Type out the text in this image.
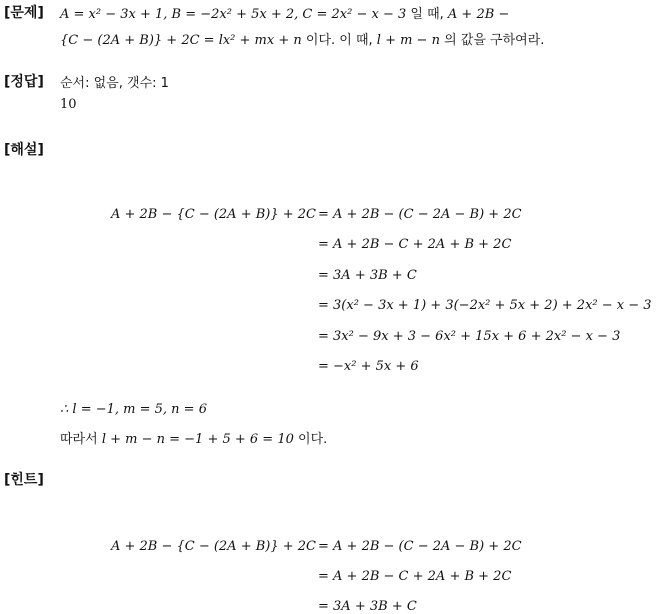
[문제] A = x² − 3x + 1, B = −2x² + 5x + 2, C = 2x² − x − 3 일 때, A + 2B −
{C − (2A + B)} + 2C = lx² + mx + n 이다. 이 때, l + m − n 의 값을 구하여라.
[정답] 순서: 없음, 갯수: 1
10
[해설]
A + 2B − {C − (2A + B)} + 2C = A + 2B − (C − 2A − B) + 2C
= A + 2B − C + 2A + B + 2C
= 3A + 3B + C
= 3(x² − 3x + 1) + 3(−2x² + 5x + 2) + 2x² − x − 3
= 3x² − 9x + 3 − 6x² + 15x + 6 + 2x² − x − 3
= −x² + 5x + 6
∴ l = −1, m = 5, n = 6
따라서 l + m − n = −1 + 5 + 6 = 10 이다.
[힌트]
A + 2B − {C − (2A + B)} + 2C = A + 2B − (C − 2A − B) + 2C
= A + 2B − C + 2A + B + 2C
= 3A + 3B + C
